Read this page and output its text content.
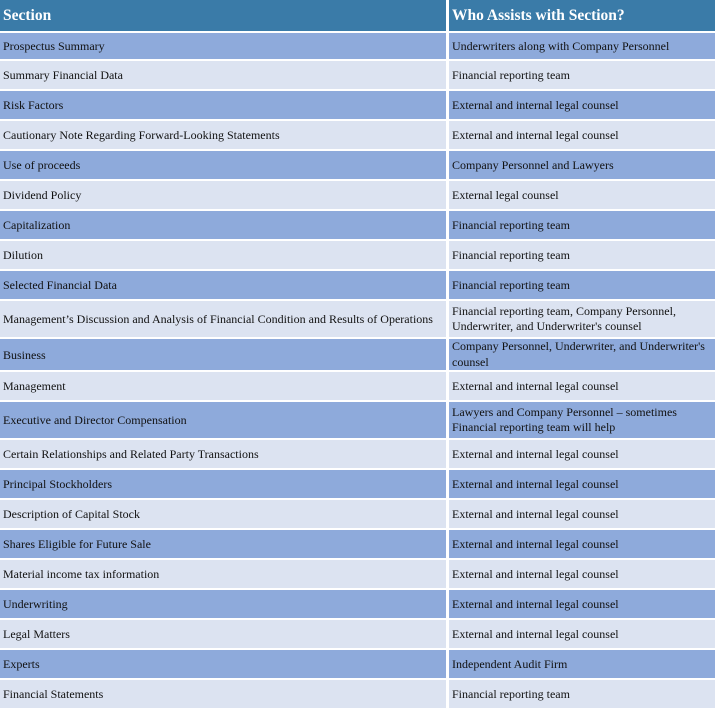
Section	Who Assists with Section?
Prospectus Summary	Underwriters along with Company Personnel
Summary Financial Data	Financial reporting team
Risk Factors	External and internal legal counsel
Cautionary Note Regarding Forward-Looking Statements	External and internal legal counsel
Use of proceeds	Company Personnel and Lawyers
Dividend Policy	External legal counsel
Capitalization	Financial reporting team
Dilution	Financial reporting team
Selected Financial Data	Financial reporting team
Management’s Discussion and Analysis of Financial Condition and Results of Operations	Financial reporting team, Company Personnel, Underwriter, and Underwriter's counsel
Business	Company Personnel, Underwriter, and Underwriter's counsel
Management	External and internal legal counsel
Executive and Director Compensation	Lawyers and Company Personnel – sometimes Financial reporting team will help
Certain Relationships and Related Party Transactions	External and internal legal counsel
Principal Stockholders	External and internal legal counsel
Description of Capital Stock	External and internal legal counsel
Shares Eligible for Future Sale	External and internal legal counsel
Material income tax information	External and internal legal counsel
Underwriting	External and internal legal counsel
Legal Matters	External and internal legal counsel
Experts	Independent Audit Firm
Financial Statements	Financial reporting team
